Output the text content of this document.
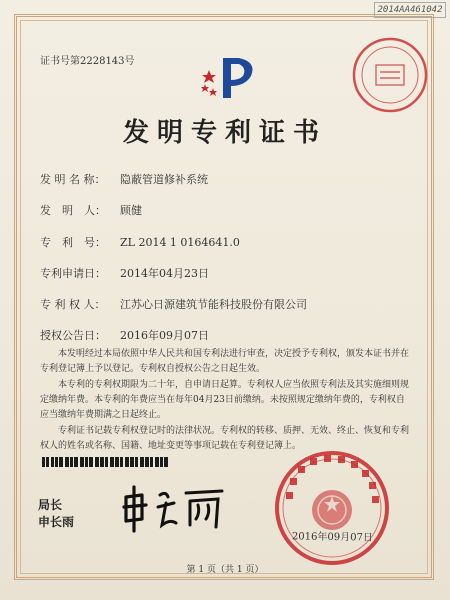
2014AA461042
证书号第2228143号
发明专利证书
发 明 名 称： 隐蔽管道修补系统
发　明　人： 顾健
专　利　号： ZL 2014 1 0164641.0
专利申请日： 2014年04月23日
专 利 权 人： 江苏心日源建筑节能科技股份有限公司
授权公告日： 2016年09月07日
本发明经过本局依照中华人民共和国专利法进行审查，决定授予专利权，颁发本证书并在专利登记簿上予以登记。专利权自授权公告之日起生效。
本专利的专利权期限为二十年，自申请日起算。专利权人应当依照专利法及其实施细则规定缴纳年费。本专利的年费应当在每年04月23日前缴纳。未按照规定缴纳年费的，专利权自应当缴纳年费期满之日起终止。
专利证书记载专利权登记时的法律状况。专利权的转移、质押、无效、终止、恢复和专利权人的姓名或名称、国籍、地址变更等事项记载在专利登记簿上。
局长
申长雨
2016年09月07日
第 1 页（共 1 页）
